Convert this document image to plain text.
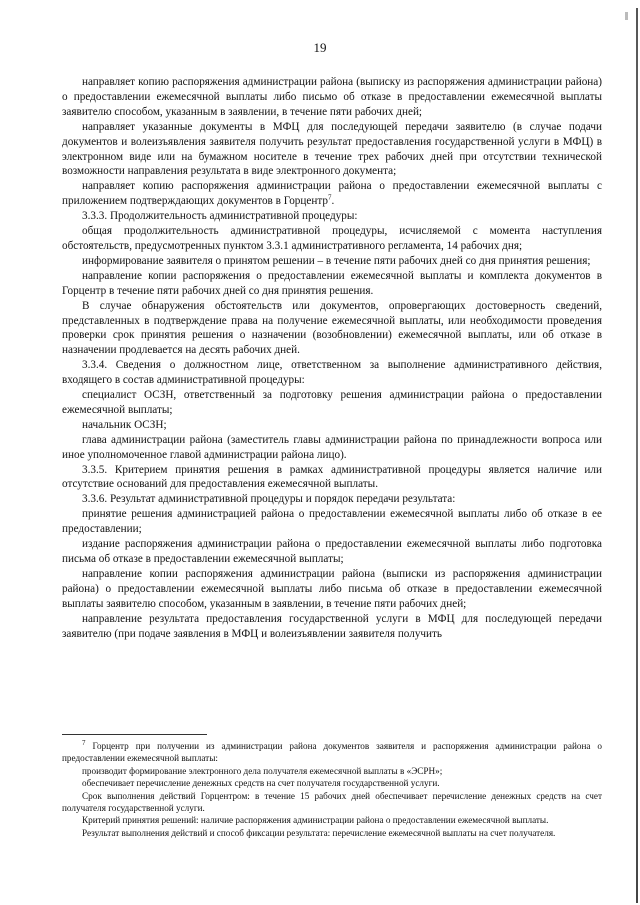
19

направляет копию распоряжения администрации района (выписку из распоряжения администрации района) о предоставлении ежемесячной выплаты либо письмо об отказе в предоставлении ежемесячной выплаты заявителю способом, указанным в заявлении, в течение пяти рабочих дней;

направляет указанные документы в МФЦ для последующей передачи заявителю (в случае подачи документов и волеизъявления заявителя получить результат предоставления государственной услуги в МФЦ) в электронном виде или на бумажном носителе в течение трех рабочих дней при отсутствии технической возможности направления результата в виде электронного документа;

направляет копию распоряжения администрации района о предоставлении ежемесячной выплаты с приложением подтверждающих документов в Горцентр$^7$.

3.3.3. Продолжительность административной процедуры:

общая продолжительность административной процедуры, исчисляемой с момента наступления обстоятельств, предусмотренных пунктом 3.3.1 административного регламента, 14 рабочих дня;

информирование заявителя о принятом решении – в течение пяти рабочих дней со дня принятия решения;

направление копии распоряжения о предоставлении ежемесячной выплаты и комплекта документов в Горцентр в течение пяти рабочих дней со дня принятия решения.

В случае обнаружения обстоятельств или документов, опровергающих достоверность сведений, представленных в подтверждение права на получение ежемесячной выплаты, или необходимости проведения проверки срок принятия решения о назначении (возобновлении) ежемесячной выплаты, или об отказе в назначении продлевается на десять рабочих дней.

3.3.4. Сведения о должностном лице, ответственном за выполнение административного действия, входящего в состав административной процедуры:

специалист ОСЗН, ответственный за подготовку решения администрации района о предоставлении ежемесячной выплаты;

начальник ОСЗН;

глава администрации района (заместитель главы администрации района по принадлежности вопроса или иное уполномоченное главой администрации района лицо).

3.3.5. Критерием принятия решения в рамках административной процедуры является наличие или отсутствие оснований для предоставления ежемесячной выплаты.

3.3.6. Результат административной процедуры и порядок передачи результата:

принятие решения администрацией района о предоставлении ежемесячной выплаты либо об отказе в ее предоставлении;

издание распоряжения администрации района о предоставлении ежемесячной выплаты либо подготовка письма об отказе в предоставлении ежемесячной выплаты;

направление копии распоряжения администрации района (выписки из распоряжения администрации района) о предоставлении ежемесячной выплаты либо письма об отказе в предоставлении ежемесячной выплаты заявителю способом, указанным в заявлении, в течение пяти рабочих дней;

направление результата предоставления государственной услуги в МФЦ для последующей передачи заявителю (при подаче заявления в МФЦ и волеизъявлении заявителя получить

$^7$ Горцентр при получении из администрации района документов заявителя и распоряжения администрации района о предоставлении ежемесячной выплаты:

производит формирование электронного дела получателя ежемесячной выплаты в «ЭСРН»;

обеспечивает перечисление денежных средств на счет получателя государственной услуги.

Срок выполнения действий Горцентром: в течение 15 рабочих дней обеспечивает перечисление денежных средств на счет получателя государственной услуги.

Критерий принятия решений: наличие распоряжения администрации района о предоставлении ежемесячной выплаты.

Результат выполнения действий и способ фиксации результата: перечисление ежемесячной выплаты на счет получателя.
